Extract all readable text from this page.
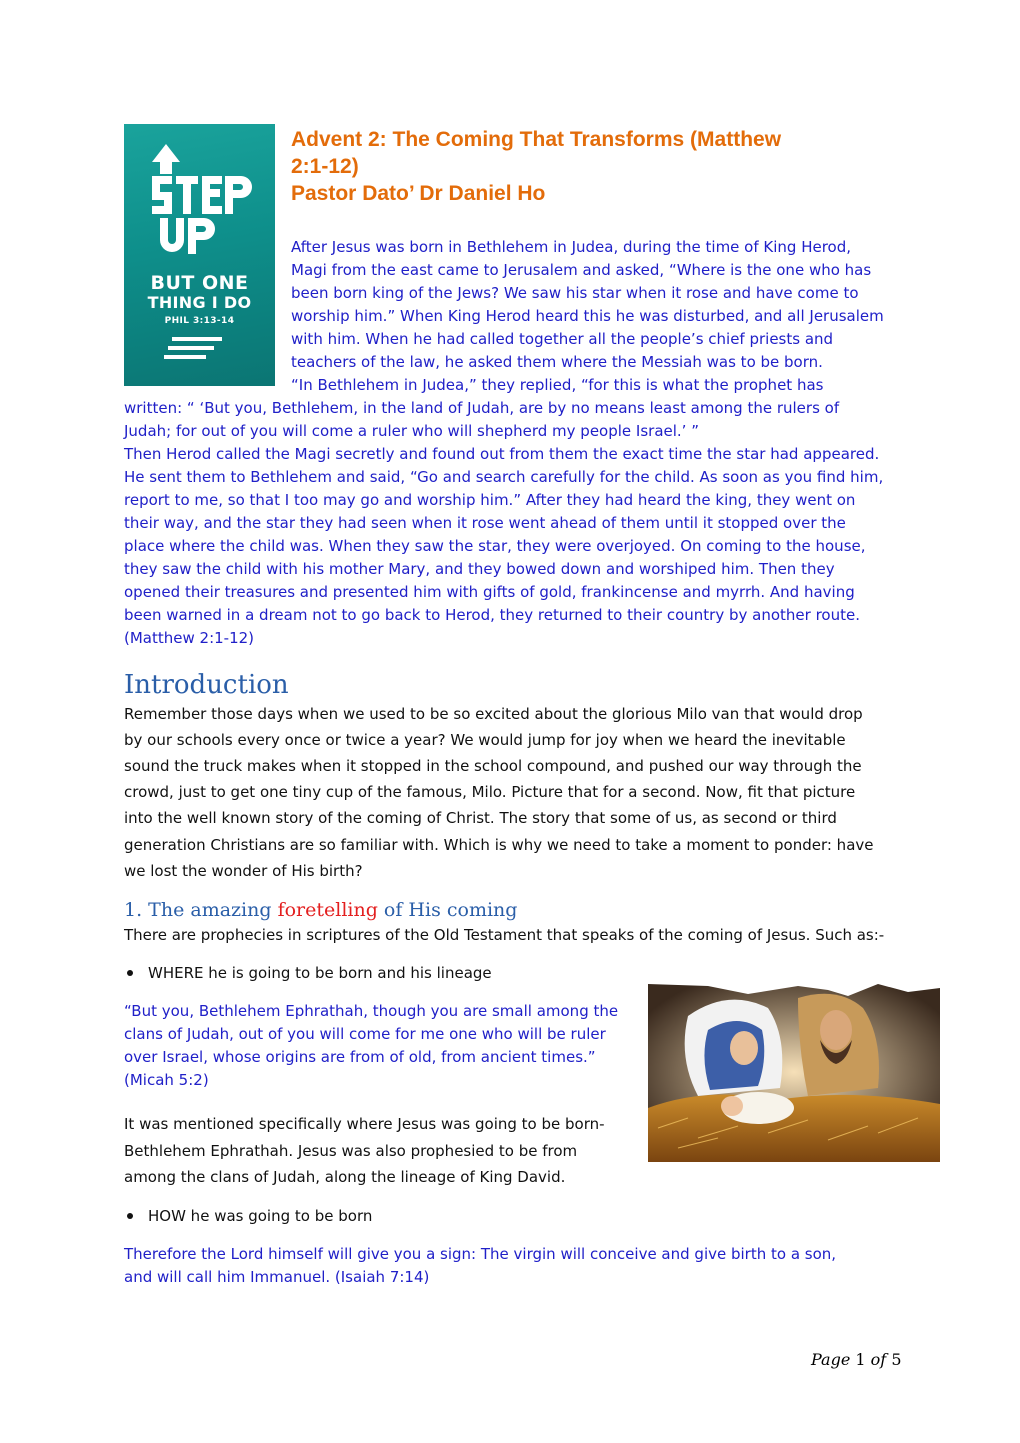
BUT ONE
THING I DO
PHIL 3:13-14
Advent 2: The Coming That Transforms (Matthew
2:1-12)
Pastor Dato’ Dr Daniel Ho
After Jesus was born in Bethlehem in Judea, during the time of King Herod,
Magi from the east came to Jerusalem and asked, “Where is the one who has
been born king of the Jews? We saw his star when it rose and have come to
worship him.” When King Herod heard this he was disturbed, and all Jerusalem
with him. When he had called together all the people’s chief priests and
teachers of the law, he asked them where the Messiah was to be born.
“In Bethlehem in Judea,” they replied, “for this is what the prophet has
written: “ ‘But you, Bethlehem, in the land of Judah, are by no means least among the rulers of
Judah; for out of you will come a ruler who will shepherd my people Israel.’ ”
Then Herod called the Magi secretly and found out from them the exact time the star had appeared.
He sent them to Bethlehem and said, “Go and search carefully for the child. As soon as you find him,
report to me, so that I too may go and worship him.” After they had heard the king, they went on
their way, and the star they had seen when it rose went ahead of them until it stopped over the
place where the child was. When they saw the star, they were overjoyed. On coming to the house,
they saw the child with his mother Mary, and they bowed down and worshiped him. Then they
opened their treasures and presented him with gifts of gold, frankincense and myrrh. And having
been warned in a dream not to go back to Herod, they returned to their country by another route.
(Matthew 2:1-12)
Introduction
Remember those days when we used to be so excited about the glorious Milo van that would drop
by our schools every once or twice a year? We would jump for joy when we heard the inevitable
sound the truck makes when it stopped in the school compound, and pushed our way through the
crowd, just to get one tiny cup of the famous, Milo. Picture that for a second. Now, fit that picture
into the well known story of the coming of Christ. The story that some of us, as second or third
generation Christians are so familiar with. Which is why we need to take a moment to ponder: have
we lost the wonder of His birth?
1. The amazing foretelling of His coming
There are prophecies in scriptures of the Old Testament that speaks of the coming of Jesus. Such as:-
WHERE he is going to be born and his lineage
“But you, Bethlehem Ephrathah, though you are small among the
clans of Judah, out of you will come for me one who will be ruler
over Israel, whose origins are from of old, from ancient times.”
(Micah 5:2)
It was mentioned specifically where Jesus was going to be born-
Bethlehem Ephrathah. Jesus was also prophesied to be from
among the clans of Judah, along the lineage of King David.
HOW he was going to be born
Therefore the Lord himself will give you a sign: The virgin will conceive and give birth to a son,
and will call him Immanuel. (Isaiah 7:14)
Page 1 of 5
